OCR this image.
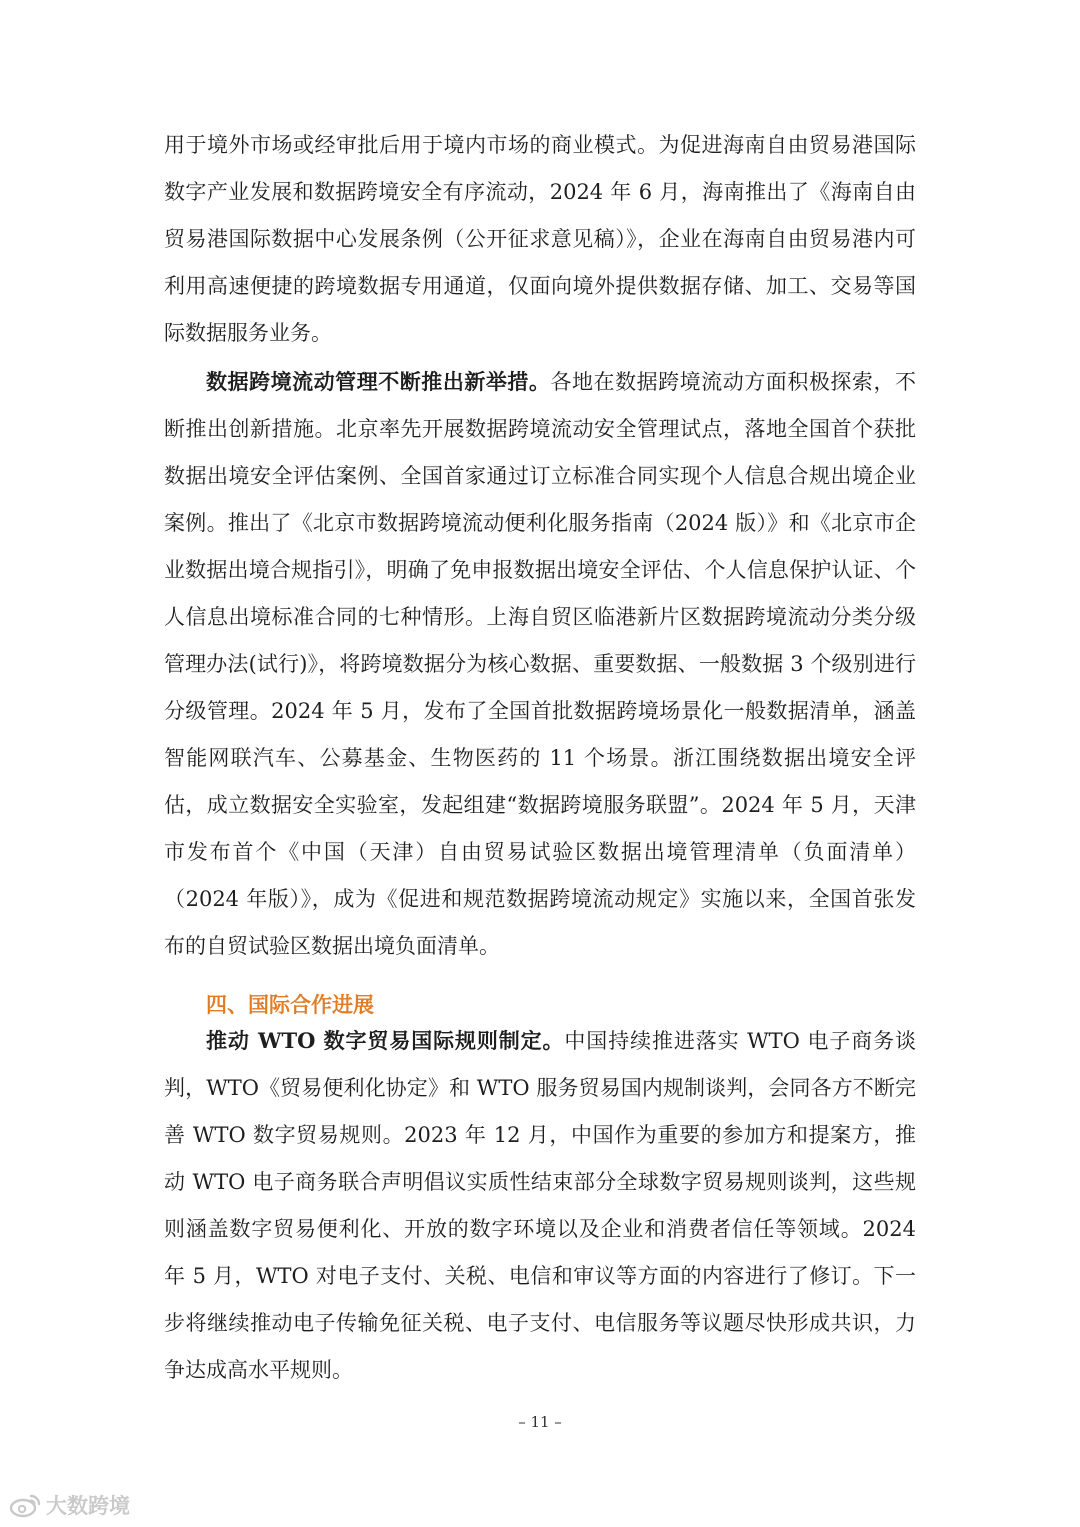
用于境外市场或经审批后用于境内市场的商业模式。为促进海南自由贸易港国际数字产业发展和数据跨境安全有序流动，2024 年 6 月，海南推出了《海南自由贸易港国际数据中心发展条例（公开征求意见稿）》，企业在海南自由贸易港内可利用高速便捷的跨境数据专用通道，仅面向境外提供数据存储、加工、交易等国际数据服务业务。

数据跨境流动管理不断推出新举措。各地在数据跨境流动方面积极探索，不断推出创新措施。北京率先开展数据跨境流动安全管理试点，落地全国首个获批数据出境安全评估案例、全国首家通过订立标准合同实现个人信息合规出境企业案例。推出了《北京市数据跨境流动便利化服务指南（2024 版）》和《北京市企业数据出境合规指引》，明确了免申报数据出境安全评估、个人信息保护认证、个人信息出境标准合同的七种情形。上海自贸区临港新片区数据跨境流动分类分级管理办法(试行)》，将跨境数据分为核心数据、重要数据、一般数据 3 个级别进行分级管理。2024 年 5 月，发布了全国首批数据跨境场景化一般数据清单，涵盖智能网联汽车、公募基金、生物医药的 11 个场景。浙江围绕数据出境安全评估，成立数据安全实验室，发起组建“数据跨境服务联盟”。2024 年 5 月，天津市发布首个《中国（天津）自由贸易试验区数据出境管理清单（负面清单）（2024 年版）》，成为《促进和规范数据跨境流动规定》实施以来，全国首张发布的自贸试验区数据出境负面清单。

四、国际合作进展

推动 WTO 数字贸易国际规则制定。中国持续推进落实 WTO 电子商务谈判，WTO《贸易便利化协定》和 WTO 服务贸易国内规制谈判，会同各方不断完善 WTO 数字贸易规则。2023 年 12 月，中国作为重要的参加方和提案方，推动 WTO 电子商务联合声明倡议实质性结束部分全球数字贸易规则谈判，这些规则涵盖数字贸易便利化、开放的数字环境以及企业和消费者信任等领域。2024 年 5 月，WTO 对电子支付、关税、电信和审议等方面的内容进行了修订。下一步将继续推动电子传输免征关税、电子支付、电信服务等议题尽快形成共识，力争达成高水平规则。

– 11 –
大数跨境
